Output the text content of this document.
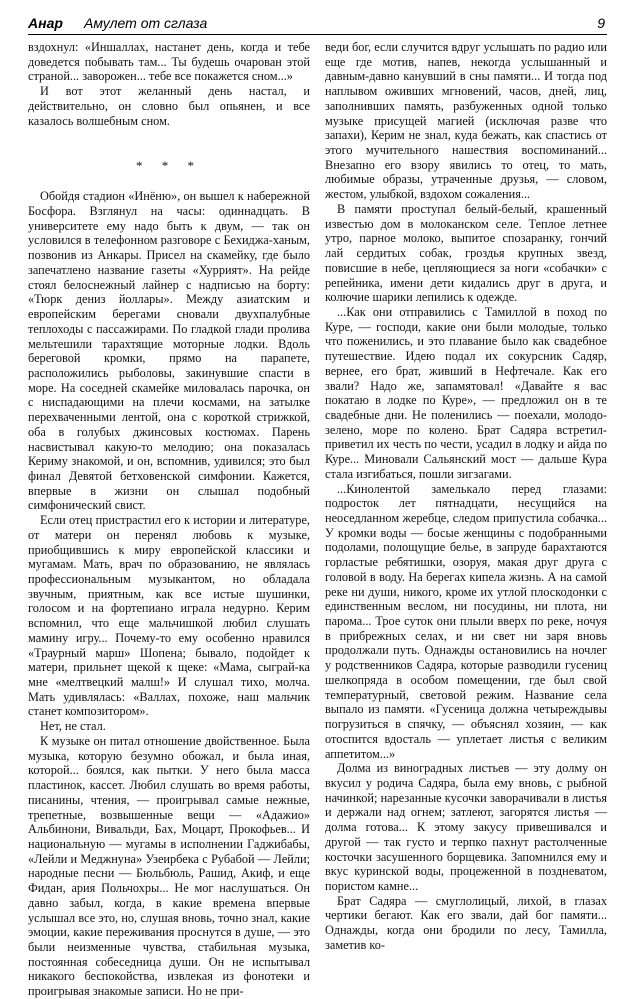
Анар Амулет от сглаза	9

вздохнул: «Иншаллах, настанет день, когда и тебе доведется побывать там... Ты будешь очарован этой страной... заворожен... тебе все покажется сном...»

И вот этот желанный день настал, и действительно, он словно был опьянен, и все казалось волшебным сном.

* * *

Обойдя стадион «Инёню», он вышел к набережной Босфора. Взглянул на часы: одиннадцать. В университете ему надо быть к двум, — так он условился в телефонном разговоре с Бехиджа-ханым, позвонив из Анкары. Присел на скамейку, где было запечатлено название газеты «Хуррият». На рейде стоял белоснежный лайнер с надписью на борту: «Тюрк дениз йоллары». Между азиатским и европейским берегами сновали двухпалубные теплоходы с пассажирами. По гладкой глади пролива мельтешили тарахтящие моторные лодки. Вдоль береговой кромки, прямо на парапете, расположились рыболовы, закинувшие спасти в море. На соседней скамейке миловалась парочка, он с ниспадающими на плечи космами, на затылке перехваченными лентой, она с короткой стрижкой, оба в голубых джинсовых костюмах. Парень насвистывал какую-то мелодию; она показалась Кериму знакомой, и он, вспомнив, удивился; это был финал Девятой бетховенской симфонии. Кажется, впервые в жизни он слышал подобный симфонический свист.

Если отец пристрастил его к истории и литературе, от матери он перенял любовь к музыке, приобщившись к миру европейской классики и мугамам. Мать, врач по образованию, не являлась профессиональным музыкантом, но обладала звучным, приятным, как все истые шушинки, голосом и на фортепиано играла недурно. Керим вспомнил, что еще мальчишкой любил слушать мамину игру... Почему-то ему особенно нравился «Траурный марш» Шопена; бывало, подойдет к матери, прильнет щекой к щеке: «Мама, сыграй-ка мне «мелтвецкий малш!» И слушал тихо, молча. Мать удивлялась: «Валлах, похоже, наш мальчик станет композитором».

Нет, не стал.

К музыке он питал отношение двойственное. Была музыка, которую безумно обожал, и была иная, которой... боялся, как пытки. У него была масса пластинок, кассет. Любил слушать во время работы, писанины, чтения, — проигрывал самые нежные, трепетные, возвышенные вещи — «Адажио» Альбинони, Вивальди, Бах, Моцарт, Прокофьев... И национальную — мугамы в исполнении Гаджибабы, «Лейли и Меджнуна» Узеирбека с Рубабой — Лейли; народные песни — Бюльбюль, Рашид, Акиф, и еще Фидан, ария Польчохры... Не мог наслушаться. Он давно забыл, когда, в какие времена впервые услышал все это, но, слушая вновь, точно знал, какие эмоции, какие переживания проснутся в душе, — это были неизменные чувства, стабильная музыка, постоянная собеседница души. Он не испытывал никакого беспокойства, извлекая из фонотеки и проигрывая знакомые записи. Но не при-

веди бог, если случится вдруг услышать по радио или еще где мотив, напев, некогда услышанный и давным-давно канувший в сны памяти... И тогда под наплывом оживших мгновений, часов, дней, лиц, заполнивших память, разбуженных одной только музыке присущей магией (исключая разве что запахи), Керим не знал, куда бежать, как спастись от этого мучительного нашествия воспоминаний... Внезапно его взору явились то отец, то мать, любимые образы, утраченные друзья, — словом, жестом, улыбкой, вздохом сожаления...

В памяти проступал белый-белый, крашенный известью дом в молоканском селе. Теплое летнее утро, парное молоко, выпитое спозаранку, гончий лай сердитых собак, гроздья крупных звезд, повисшие в небе, цепляющиеся за ноги «собачки» с репейника, имени дети кидались друг в друга, и колючие шарики лепились к одежде.

...Как они отправились с Тамиллой в поход по Куре, — господи, какие они были молодые, только что поженились, и это плавание было как свадебное путешествие. Идею подал их сокурсник Садяр, вернее, его брат, живший в Нефтечале. Как его звали? Надо же, запамятовал! «Давайте я вас покатаю в лодке по Куре», — предложил он в те свадебные дни. Не поленились — поехали, молодо-зелено, море по колено. Брат Садяра встретил-приветил их честь по чести, усадил в лодку и айда по Куре... Миновали Сальянский мост — дальше Кура стала изгибаться, пошли зигзагами.

...Кинолентой замелькало перед глазами: подросток лет пятнадцати, несущийся на неоседланном жеребце, следом припустила собачка... У кромки воды — босые женщины с подобранными подолами, полощущие белье, в запруде барахтаются горластые ребятишки, озоруя, макая друг друга с головой в воду. На берегах кипела жизнь. А на самой реке ни души, никого, кроме их утлой плоскодонки с единственным веслом, ни посудины, ни плота, ни парома... Трое суток они плыли вверх по реке, ночуя в прибрежных селах, и ни свет ни заря вновь продолжали путь. Однажды остановились на ночлег у родственников Садяра, которые разводили гусениц шелкопряда в особом помещении, где был свой температурный, световой режим. Название села выпало из памяти. «Гусеница должна четыреждывы погрузиться в спячку, — объяснял хозяин, — как отоспится вдосталь — уплетает листья с великим аппетитом...»

Долма из виноградных листьев — эту долму он вкусил у родича Садяра, была ему вновь, с рыбной начинкой; нарезанные кусочки заворачивали в листья и держали над огнем; затлеют, загорятся листья — долма готова... К этому закусу привешивался и другой — так густо и терпко пахнут растолченные косточки засушенного борщевика. Запомнился ему и вкус куринской воды, процеженной в поздневатом, пористом камне...

Брат Садяра — смуглолицый, лихой, в глазах чертики бегают. Как его звали, дай бог памяти... Однажды, когда они бродили по лесу, Тамилла, заметив ко-
